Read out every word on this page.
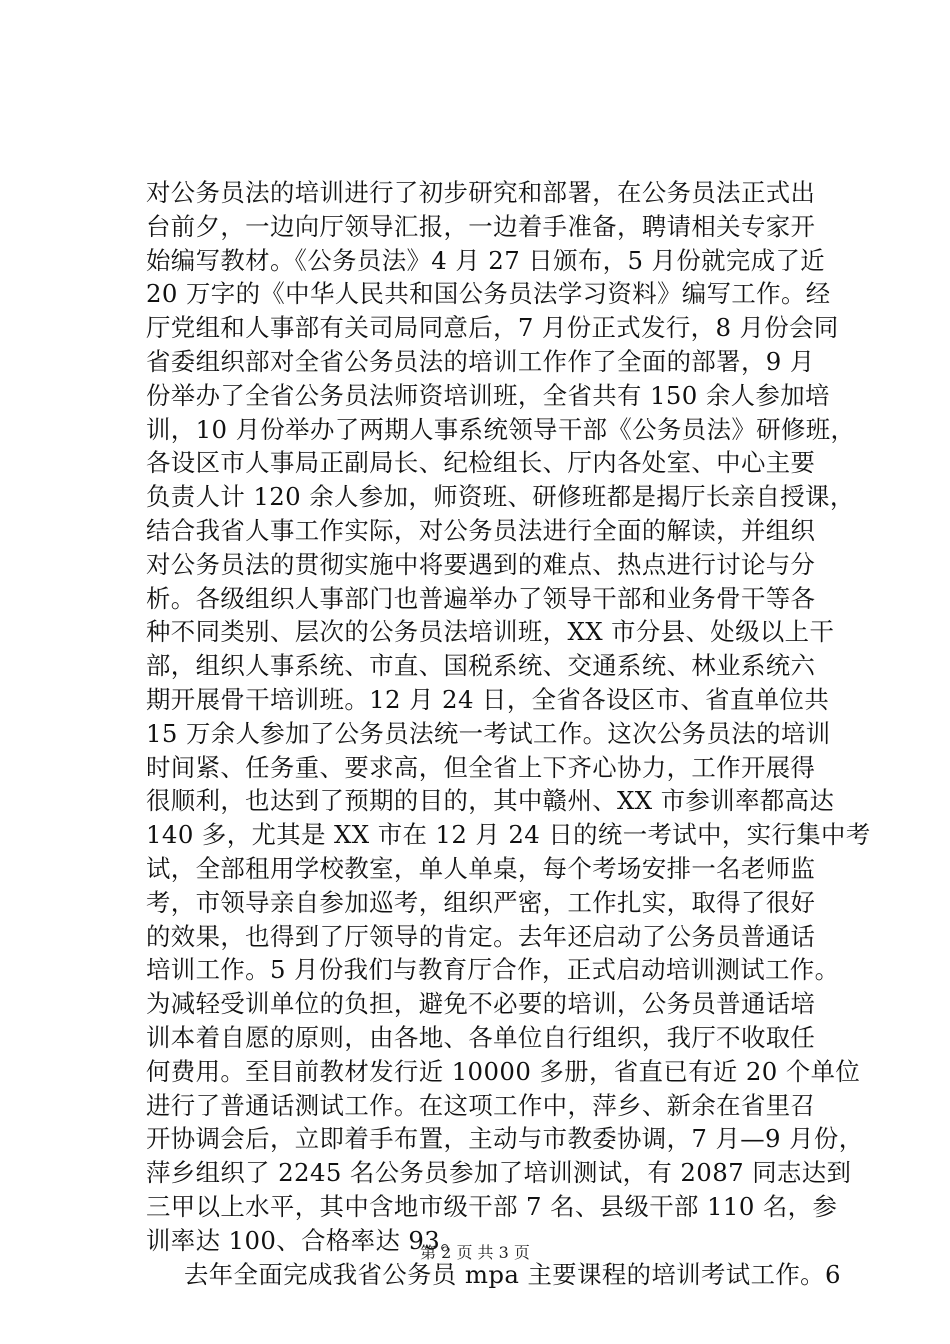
对公务员法的培训进行了初步研究和部署，在公务员法正式出
台前夕，一边向厅领导汇报，一边着手准备，聘请相关专家开
始编写教材。《公务员法》4 月 27 日颁布，5 月份就完成了近
20 万字的《中华人民共和国公务员法学习资料》编写工作。经
厅党组和人事部有关司局同意后，7 月份正式发行，8 月份会同
省委组织部对全省公务员法的培训工作作了全面的部署，9 月
份举办了全省公务员法师资培训班，全省共有 150 余人参加培
训，10 月份举办了两期人事系统领导干部《公务员法》研修班，
各设区市人事局正副局长、纪检组长、厅内各处室、中心主要
负责人计 120 余人参加，师资班、研修班都是揭厅长亲自授课，
结合我省人事工作实际，对公务员法进行全面的解读，并组织
对公务员法的贯彻实施中将要遇到的难点、热点进行讨论与分
析。各级组织人事部门也普遍举办了领导干部和业务骨干等各
种不同类别、层次的公务员法培训班，XX 市分县、处级以上干
部，组织人事系统、市直、国税系统、交通系统、林业系统六
期开展骨干培训班。12 月 24 日，全省各设区市、省直单位共
15 万余人参加了公务员法统一考试工作。这次公务员法的培训
时间紧、任务重、要求高，但全省上下齐心协力，工作开展得
很顺利，也达到了预期的目的，其中赣州、XX 市参训率都高达
140 多，尤其是 XX 市在 12 月 24 日的统一考试中，实行集中考
试，全部租用学校教室，单人单桌，每个考场安排一名老师监
考，市领导亲自参加巡考，组织严密，工作扎实，取得了很好
的效果，也得到了厅领导的肯定。去年还启动了公务员普通话
培训工作。5 月份我们与教育厅合作，正式启动培训测试工作。
为减轻受训单位的负担，避免不必要的培训，公务员普通话培
训本着自愿的原则，由各地、各单位自行组织，我厅不收取任
何费用。至目前教材发行近 10000 多册，省直已有近 20 个单位
进行了普通话测试工作。在这项工作中，萍乡、新余在省里召
开协调会后，立即着手布置，主动与市教委协调，7 月—9 月份，
萍乡组织了 2245 名公务员参加了培训测试，有 2087 同志达到
三甲以上水平，其中含地市级干部 7 名、县级干部 110 名，参
训率达 100、合格率达 93。
去年全面完成我省公务员 mpa 主要课程的培训考试工作。6
第 2 页 共 3 页
